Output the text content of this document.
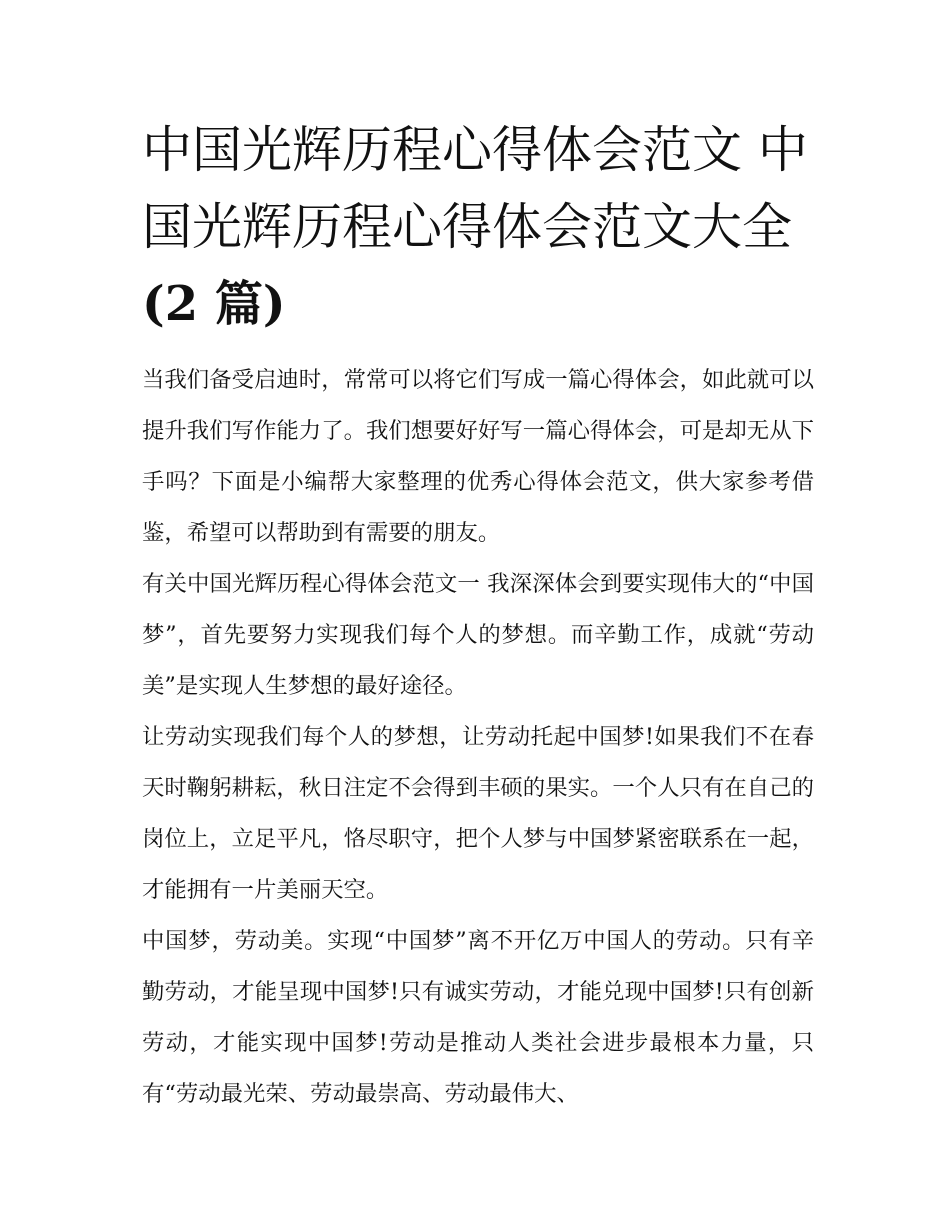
中国光辉历程心得体会范文 中国光辉历程心得体会范文大全
(2 篇)

当我们备受启迪时，常常可以将它们写成一篇心得体会，如此就可以提升我们写作能力了。我们想要好好写一篇心得体会，可是却无从下手吗？下面是小编帮大家整理的优秀心得体会范文，供大家参考借鉴，希望可以帮助到有需要的朋友。

有关中国光辉历程心得体会范文一 我深深体会到要实现伟大的“中国梦”，首先要努力实现我们每个人的梦想。而辛勤工作，成就“劳动美”是实现人生梦想的最好途径。

让劳动实现我们每个人的梦想，让劳动托起中国梦!如果我们不在春天时鞠躬耕耘，秋日注定不会得到丰硕的果实。一个人只有在自己的岗位上，立足平凡，恪尽职守，把个人梦与中国梦紧密联系在一起，才能拥有一片美丽天空。

中国梦，劳动美。实现“中国梦”离不开亿万中国人的劳动。只有辛勤劳动，才能呈现中国梦!只有诚实劳动，才能兑现中国梦!只有创新劳动，才能实现中国梦!劳动是推动人类社会进步最根本力量，只有“劳动最光荣、劳动最崇高、劳动最伟大、
